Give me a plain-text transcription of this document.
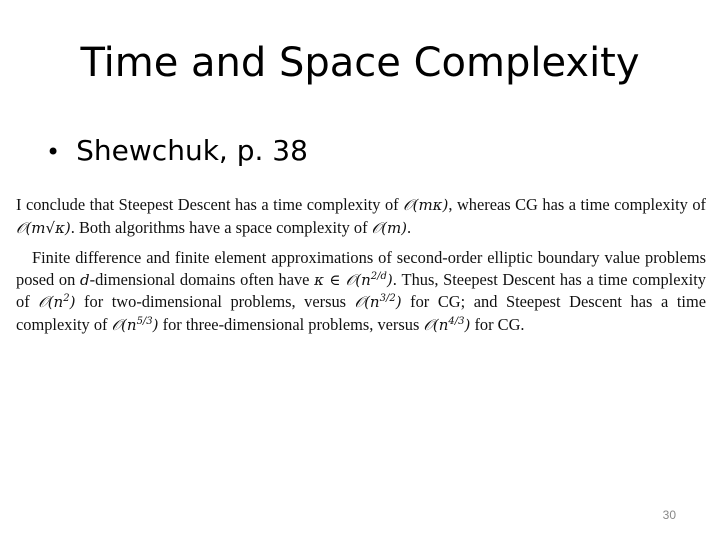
Time and Space Complexity
• Shewchuk, p. 38

I conclude that Steepest Descent has a time complexity of 𝒪(mκ), whereas CG has a time complexity of 𝒪(m√κ). Both algorithms have a space complexity of 𝒪(m).

Finite difference and finite element approximations of second-order elliptic boundary value problems posed on d-dimensional domains often have κ ∈ $𝒪(n^{2/d})$. Thus, Steepest Descent has a time complexity of $𝒪(n^2)$ for two-dimensional problems, versus $𝒪(n^{3/2})$ for CG; and Steepest Descent has a time complexity of $𝒪(n^{5/3})$ for three-dimensional problems, versus $𝒪(n^{4/3})$ for CG.

30
